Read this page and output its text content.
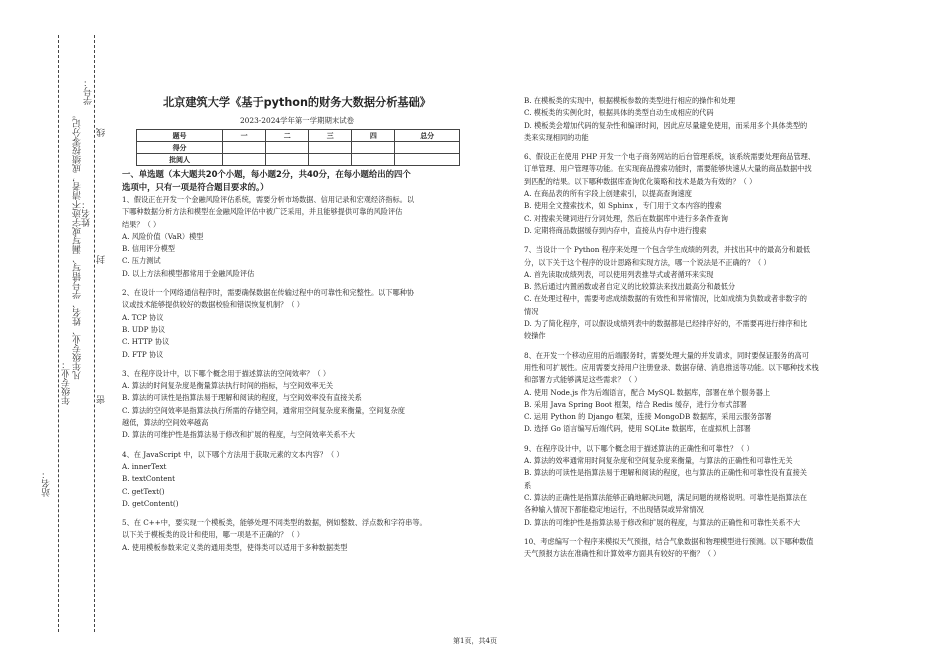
学号：
线
凡年级专业、姓名、学号错写、漏写或字迹不清者，成绩按零分记。 姓名：
封
年级专业：	密
站名：
北京建筑大学《基于python的财务大数据分析基础》
2023-2024学年第一学期期末试卷
题号	一	二	三	四	总分
得分					
批阅人					

一、单选题（本大题共20个小题，每小题2分，共40分，在每小题给出的四个

选项中，只有一项是符合题目要求的。）

1、假设正在开发一个金融风险评估系统，需要分析市场数据、信用记录和宏观经济指标。以

下哪种数据分析方法和模型在金融风险评估中被广泛采用，并且能够提供可靠的风险评估

结果？（ ）

A. 风险价值（VaR）模型

B. 信用评分模型

C. 压力测试

D. 以上方法和模型都常用于金融风险评估

2、在设计一个网络通信程序时，需要确保数据在传输过程中的可靠性和完整性。以下哪种协

议或技术能够提供较好的数据校验和错误恢复机制？（ ）

A. TCP 协议

B. UDP 协议

C. HTTP 协议

D. FTP 协议

3、在程序设计中，以下哪个概念用于描述算法的空间效率？（ ）

A. 算法的时间复杂度是衡量算法执行时间的指标，与空间效率无关

B. 算法的可读性是指算法易于理解和阅读的程度，与空间效率没有直接关系

C. 算法的空间效率是指算法执行所需的存储空间，通常用空间复杂度来衡量，空间复杂度

越低，算法的空间效率越高

D. 算法的可维护性是指算法易于修改和扩展的程度，与空间效率关系不大

4、在 JavaScript 中，以下哪个方法用于获取元素的文本内容？（ ）

A. innerText

B. textContent

C. getText()

D. getContent()

5、在 C++中，要实现一个模板类，能够处理不同类型的数据，例如整数、浮点数和字符串等。

以下关于模板类的设计和使用，哪一项是不正确的？（ ）

A. 使用模板参数来定义类的通用类型，使得类可以适用于多种数据类型

B. 在模板类的实现中，根据模板参数的类型进行相应的操作和处理

C. 模板类的实例化时，根据具体的类型自动生成相应的代码

D. 模板类会增加代码的复杂性和编译时间，因此应尽量避免使用，而采用多个具体类型的

类来实现相同的功能

6、假设正在使用 PHP 开发一个电子商务网站的后台管理系统，该系统需要处理商品管理、

订单管理、用户管理等功能。在实现商品搜索功能时，需要能够快速从大量的商品数据中找

到匹配的结果。以下哪种数据库查询优化策略和技术是最为有效的？（ ）

A. 在商品表的所有字段上创建索引，以提高查询速度

B. 使用全文搜索技术，如 Sphinx ，专门用于文本内容的搜索

C. 对搜索关键词进行分词处理，然后在数据库中进行多条件查询

D. 定期将商品数据缓存到内存中，直接从内存中进行搜索

7、当设计一个 Python 程序来处理一个包含学生成绩的列表，并找出其中的最高分和最低

分，以下关于这个程序的设计思路和实现方法，哪一个说法是不正确的？（ ）

A. 首先读取成绩列表，可以使用列表推导式或者循环来实现

B. 然后通过内置函数或者自定义的比较算法来找出最高分和最低分

C. 在处理过程中，需要考虑成绩数据的有效性和异常情况，比如成绩为负数或者非数字的

情况

D. 为了简化程序，可以假设成绩列表中的数据都是已经排序好的，不需要再进行排序和比

较操作

8、在开发一个移动应用的后端服务时，需要处理大量的并发请求，同时要保证服务的高可

用性和可扩展性。应用需要支持用户注册登录、数据存储、消息推送等功能。以下哪种技术栈

和部署方式能够满足这些需求？（ ）

A. 使用 Node.js 作为后端语言，配合 MySQL 数据库，部署在单个服务器上

B. 采用 Java Spring Boot 框架，结合 Redis 缓存，进行分布式部署

C. 运用 Python 的 Django 框架，连接 MongoDB 数据库，采用云服务部署

D. 选择 Go 语言编写后端代码，使用 SQLite 数据库，在虚拟机上部署

9、在程序设计中，以下哪个概念用于描述算法的正确性和可靠性？（ ）

A. 算法的效率通常用时间复杂度和空间复杂度来衡量，与算法的正确性和可靠性无关

B. 算法的可读性是指算法易于理解和阅读的程度，也与算法的正确性和可靠性没有直接关

系

C. 算法的正确性是指算法能够正确地解决问题，满足问题的规格说明。可靠性是指算法在

各种输入情况下都能稳定地运行，不出现错误或异常情况

D. 算法的可维护性是指算法易于修改和扩展的程度，与算法的正确性和可靠性关系不大

10、考虑编写一个程序来模拟天气预报，结合气象数据和物理模型进行预测。以下哪种数值

天气预报方法在准确性和计算效率方面具有较好的平衡？（ ）

第1页，共4页
